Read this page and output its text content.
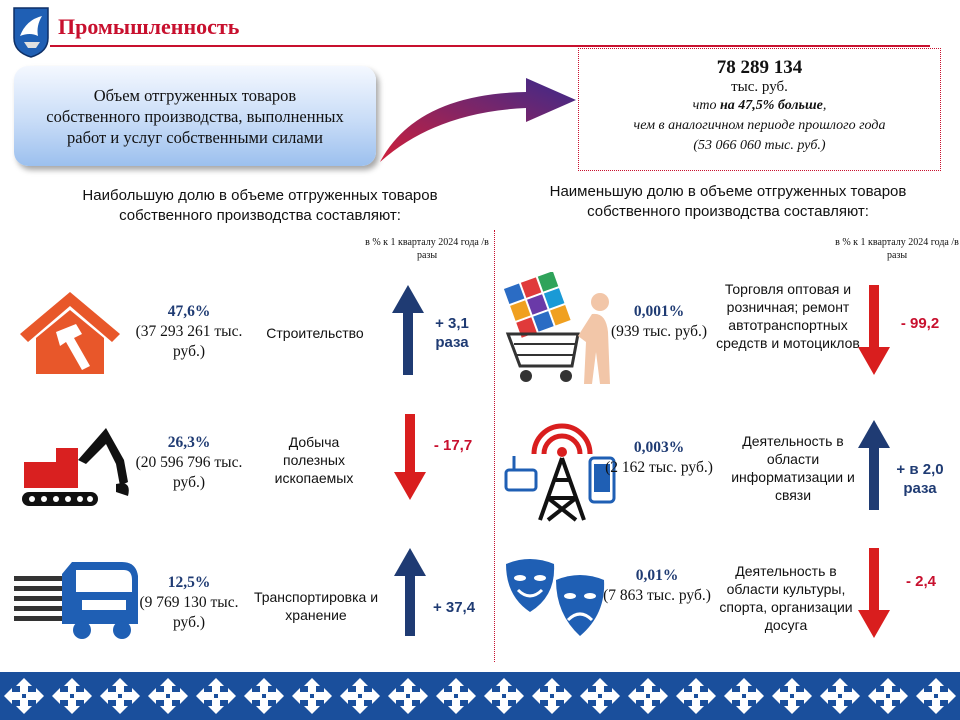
Промышленность
Объем отгруженных товаров собственного производства, выполненных работ и услуг собственными силами
78 289 134
тыс. руб.
что на 47,5% больше,
чем в аналогичном периоде прошлого года
(53 066 060 тыс. руб.)
Наибольшую долю в объеме отгруженных товаров собственного производства составляют:
Наименьшую долю в объеме отгруженных товаров собственного производства составляют:
в % к 1 кварталу 2024 года /в разы
в % к 1 кварталу 2024 года /в разы
47,6%
(37 293 261 тыс. руб.)
Строительство
+ 3,1 раза
26,3%
(20 596 796 тыс. руб.)
Добыча полезных ископаемых
- 17,7
12,5%
(9 769 130 тыс. руб.)
Транспортировка и хранение	+ 37,4
0,001%
(939 тыс. руб.)
Торговля оптовая и розничная; ремонт автотранспортных средств и мотоциклов
- 99,2
0,003%
(2 162 тыс. руб.)
Деятельность в области информатизации и связи
+ в 2,0 раза
0,01%
(7 863 тыс. руб.)
Деятельность в области культуры, спорта, организации досуга
- 2,4
